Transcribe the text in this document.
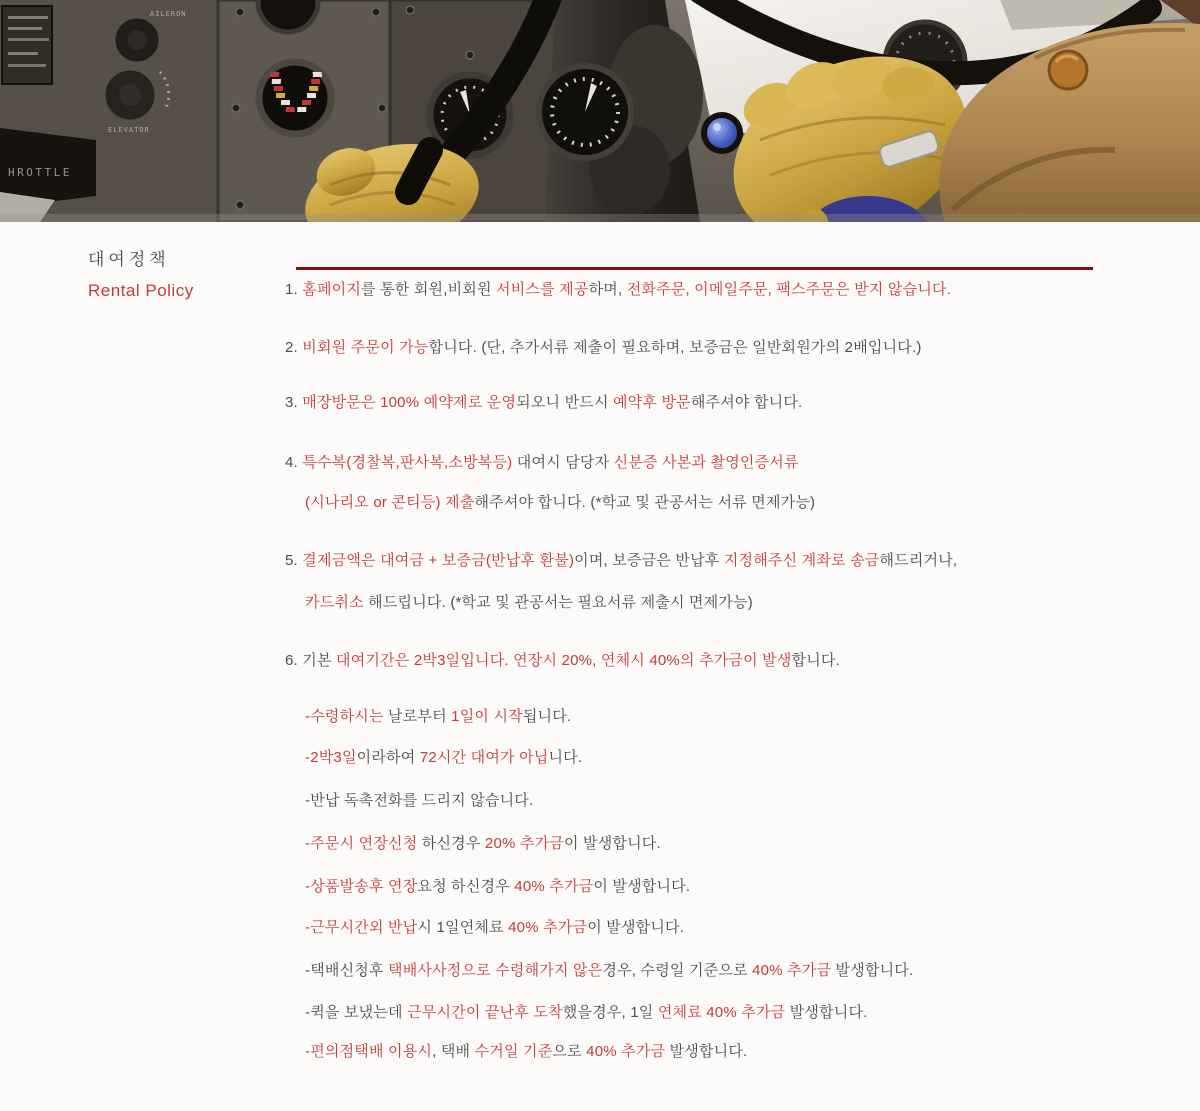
AILERON
ELEVATOR
HROTTLE
대여정책
Rental Policy	1. 홈페이지를 통한 회원,비회원 서비스를 제공하며, 전화주문, 이메일주문, 팩스주문은 받지 않습니다.
2. 비회원 주문이 가능합니다. (단, 추가서류 제출이 필요하며, 보증금은 일반회원가의 2배입니다.)
3. 매장방문은 100% 예약제로 운영되오니 반드시 예약후 방문해주셔야 합니다.
4. 특수복(경찰복,판사복,소방복등) 대여시 담당자 신분증 사본과 촬영인증서류
(시나리오 or 콘티등) 제출해주셔야 합니다. (*학교 및 관공서는 서류 면제가능)
5. 결제금액은 대여금 + 보증금(반납후 환불)이며, 보증금은 반납후 지정해주신 계좌로 송금해드리거나,
카드취소 해드립니다. (*학교 및 관공서는 필요서류 제출시 면제가능)
6. 기본 대여기간은 2박3일입니다. 연장시 20%, 연체시 40%의 추가금이 발생합니다.
-수령하시는 날로부터 1일이 시작됩니다.
-2박3일이라하여 72시간 대여가 아닙니다.
-반납 독촉전화를 드리지 않습니다.
-주문시 연장신청 하신경우 20% 추가금이 발생합니다.
-상품발송후 연장요청 하신경우 40% 추가금이 발생합니다.
-근무시간외 반납시 1일연체료 40% 추가금이 발생합니다.
-택배신청후 택배사사정으로 수령해가지 않은경우, 수령일 기준으로 40% 추가금 발생합니다.
-퀵을 보냈는데 근무시간이 끝난후 도착했을경우, 1일 연체료 40% 추가금 발생합니다.
-편의점택배 이용시, 택배 수거일 기준으로 40% 추가금 발생합니다.
